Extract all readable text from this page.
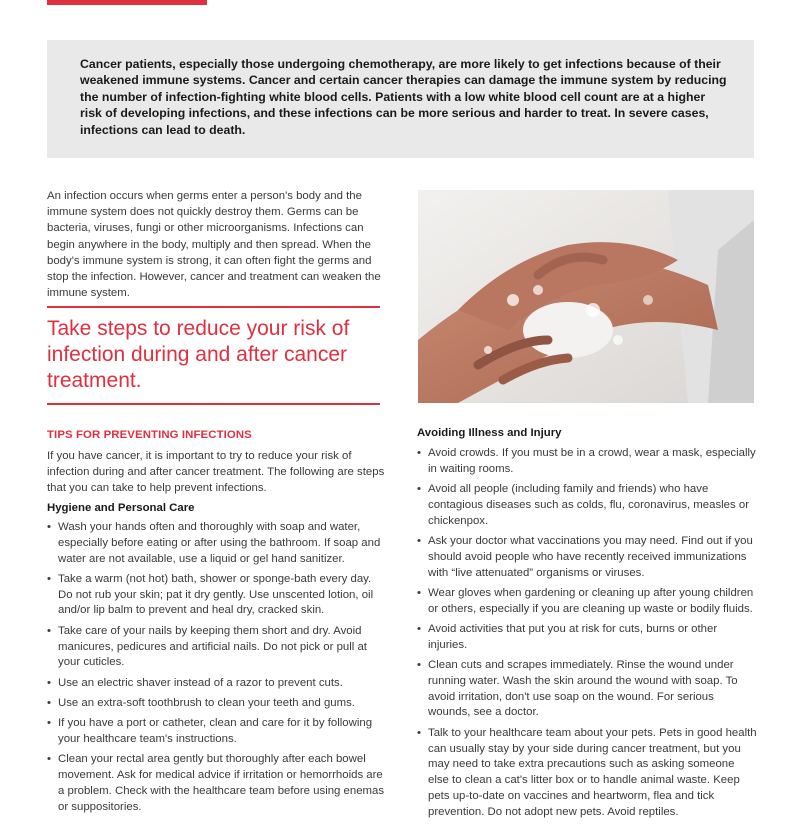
Cancer patients, especially those undergoing chemotherapy, are more likely to get infections because of their weakened immune systems. Cancer and certain cancer therapies can damage the immune system by reducing the number of infection-fighting white blood cells. Patients with a low white blood cell count are at a higher risk of developing infections, and these infections can be more serious and harder to treat. In severe cases, infections can lead to death.

An infection occurs when germs enter a person's body and the immune system does not quickly destroy them. Germs can be bacteria, viruses, fungi or other microorganisms. Infections can begin anywhere in the body, multiply and then spread. When the body's immune system is strong, it can often fight the germs and stop the infection. However, cancer and treatment can weaken the immune system.

Take steps to reduce your risk of infection during and after cancer treatment.

TIPS FOR PREVENTING INFECTIONS

If you have cancer, it is important to try to reduce your risk of infection during and after cancer treatment. The following are steps that you can take to help prevent infections.

Hygiene and Personal Care
• Wash your hands often and thoroughly with soap and water, especially before eating or after using the bathroom. If soap and water are not available, use a liquid or gel hand sanitizer.
• Take a warm (not hot) bath, shower or sponge-bath every day. Do not rub your skin; pat it dry gently. Use unscented lotion, oil and/or lip balm to prevent and heal dry, cracked skin.
• Take care of your nails by keeping them short and dry. Avoid manicures, pedicures and artificial nails. Do not pick or pull at your cuticles.
• Use an electric shaver instead of a razor to prevent cuts.
• Use an extra-soft toothbrush to clean your teeth and gums.
• If you have a port or catheter, clean and care for it by following your healthcare team's instructions.
• Clean your rectal area gently but thoroughly after each bowel movement. Ask for medical advice if irritation or hemorrhoids are a problem. Check with the healthcare team before using enemas or suppositories.
Avoiding Illness and Injury
• Avoid crowds. If you must be in a crowd, wear a mask, especially in waiting rooms.
• Avoid all people (including family and friends) who have contagious diseases such as colds, flu, coronavirus, measles or chickenpox.
• Ask your doctor what vaccinations you may need. Find out if you should avoid people who have recently received immunizations with “live attenuated” organisms or viruses.
• Wear gloves when gardening or cleaning up after young children or others, especially if you are cleaning up waste or bodily fluids.
• Avoid activities that put you at risk for cuts, burns or other injuries.
• Clean cuts and scrapes immediately. Rinse the wound under running water. Wash the skin around the wound with soap. To avoid irritation, don't use soap on the wound. For serious wounds, see a doctor.
• Talk to your healthcare team about your pets. Pets in good health can usually stay by your side during cancer treatment, but you may need to take extra precautions such as asking someone else to clean a cat's litter box or to handle animal waste. Keep pets up-to-date on vaccines and heartworm, flea and tick prevention. Do not adopt new pets. Avoid reptiles.
